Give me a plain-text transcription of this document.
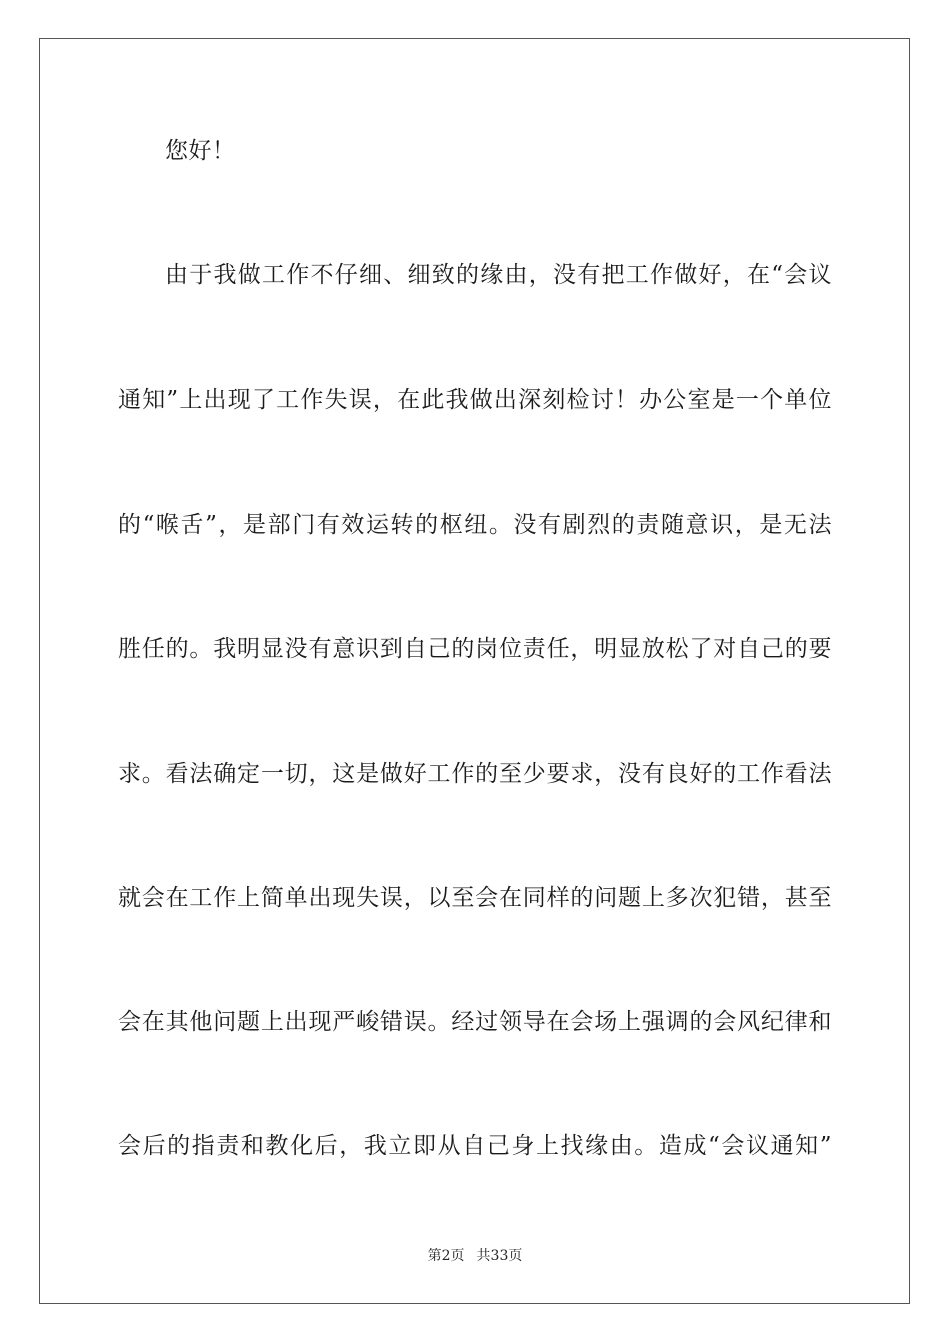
您好！
由于我做工作不仔细、细致的缘由，没有把工作做好，在“会议
通知”上出现了工作失误，在此我做出深刻检讨！办公室是一个单位
的“喉舌”，是部门有效运转的枢纽。没有剧烈的责随意识，是无法
胜任的。我明显没有意识到自己的岗位责任，明显放松了对自己的要
求。看法确定一切，这是做好工作的至少要求，没有良好的工作看法
就会在工作上简单出现失误，以至会在同样的问题上多次犯错，甚至
会在其他问题上出现严峻错误。经过领导在会场上强调的会风纪律和
会后的指责和教化后，我立即从自己身上找缘由。造成“会议通知”
第2页 共33页
